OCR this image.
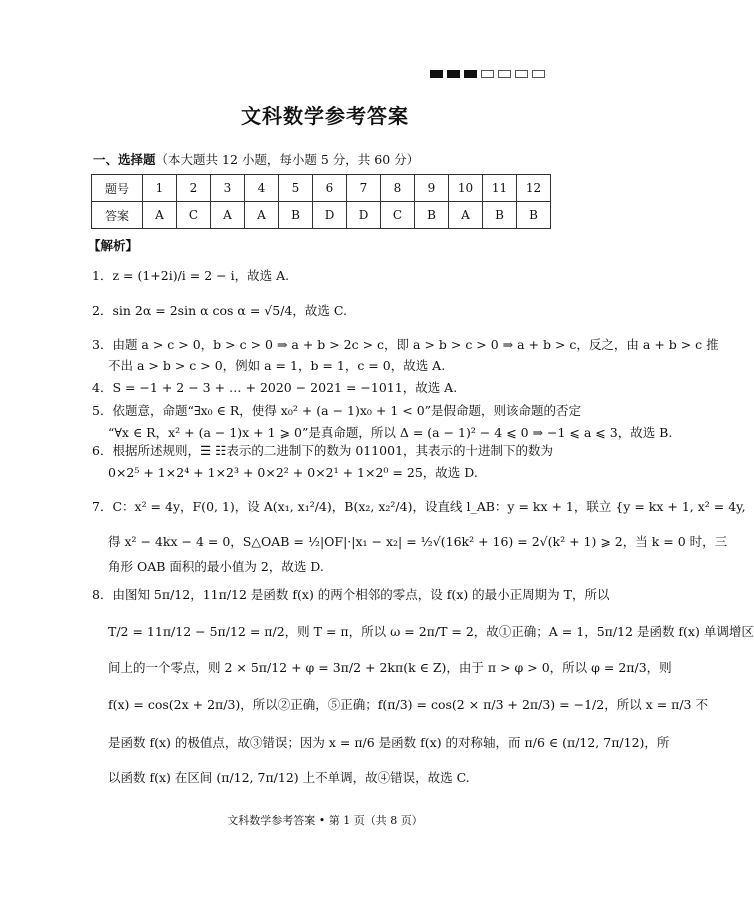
文科数学参考答案
一、选择题（本大题共 12 小题，每小题 5 分，共 60 分）
题号	1	2	3	4	5	6	7	8	9	10	11	12
答案	A	C	A	A	B	D	D	C	B	A	B	B
【解析】
1．z = (1+2i)/i = 2 − i，故选 A.
2．sin 2α = 2sin α cos α = √5/4，故选 C.
3．由题 a > c > 0，b > c > 0 ⇒ a + b > 2c > c，即 a > b > c > 0 ⇒ a + b > c，反之，由 a + b > c 推
不出 a > b > c > 0，例如 a = 1，b = 1，c = 0，故选 A.
4．S = −1 + 2 − 3 + … + 2020 − 2021 = −1011，故选 A.
5．依题意，命题“∃x₀ ∈ R，使得 x₀² + (a − 1)x₀ + 1 < 0”是假命题，则该命题的否定
“∀x ∈ R，x² + (a − 1)x + 1 ⩾ 0”是真命题，所以 Δ = (a − 1)² − 4 ⩽ 0 ⇒ −1 ⩽ a ⩽ 3，故选 B.
6．根据所述规则，☰ ☷表示的二进制下的数为 011001，其表示的十进制下的数为
0×2⁵ + 1×2⁴ + 1×2³ + 0×2² + 0×2¹ + 1×2⁰ = 25，故选 D.
7．C：x² = 4y，F(0, 1)，设 A(x₁, x₁²/4)，B(x₂, x₂²/4)，设直线 l_AB：y = kx + 1，联立 {y = kx + 1, x² = 4y,
得 x² − 4kx − 4 = 0，S△OAB = ½|OF|·|x₁ − x₂| = ½√(16k² + 16) = 2√(k² + 1) ⩾ 2，当 k = 0 时，三
角形 OAB 面积的最小值为 2，故选 D.
8．由图知 5π/12，11π/12 是函数 f(x) 的两个相邻的零点，设 f(x) 的最小正周期为 T，所以
T/2 = 11π/12 − 5π/12 = π/2，则 T = π，所以 ω = 2π/T = 2，故①正确；A = 1，5π/12 是函数 f(x) 单调增区
间上的一个零点，则 2 × 5π/12 + φ = 3π/2 + 2kπ(k ∈ Z)，由于 π > φ > 0，所以 φ = 2π/3，则
f(x) = cos(2x + 2π/3)，所以②正确，⑤正确；f(π/3) = cos(2 × π/3 + 2π/3) = −1/2，所以 x = π/3 不
是函数 f(x) 的极值点，故③错误；因为 x = π/6 是函数 f(x) 的对称轴，而 π/6 ∈ (π/12, 7π/12)，所
以函数 f(x) 在区间 (π/12, 7π/12) 上不单调，故④错误，故选 C.
文科数学参考答案 • 第 1 页（共 8 页）
